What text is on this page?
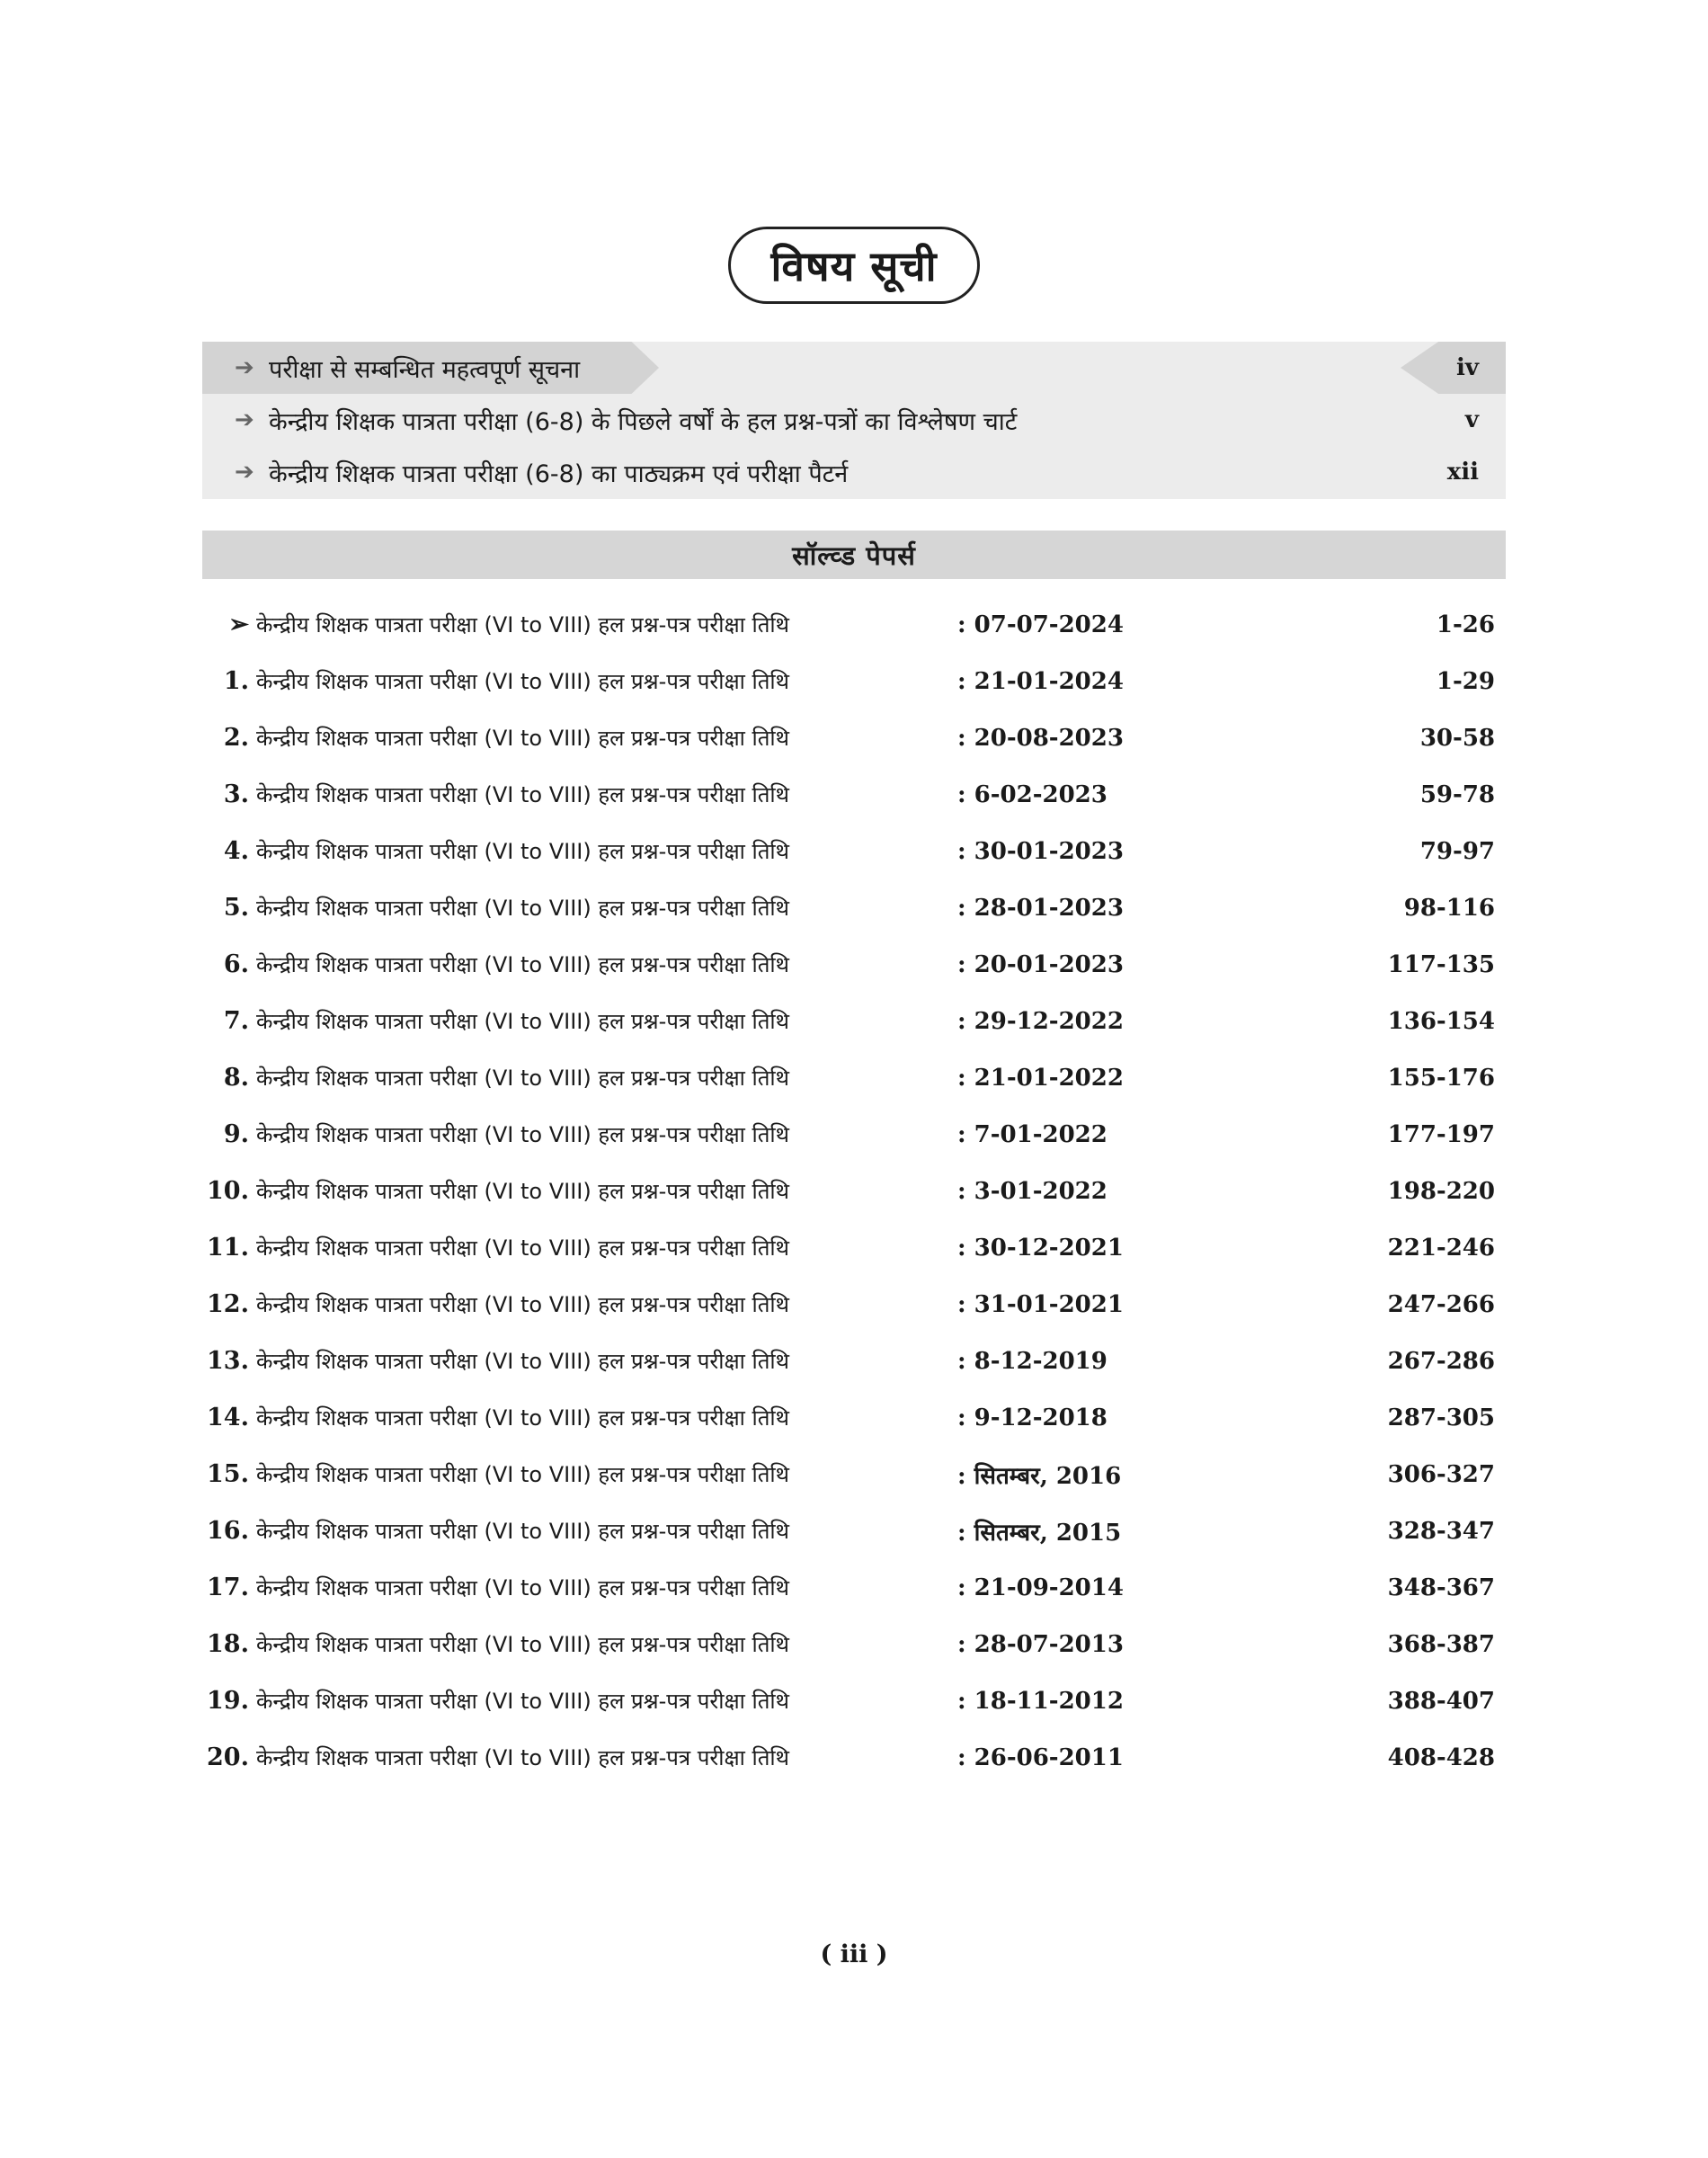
विषय सूची
➔ परीक्षा से सम्बन्धित महत्वपूर्ण सूचना	iv
➔ केन्द्रीय शिक्षक पात्रता परीक्षा (6-8) के पिछले वर्षों के हल प्रश्न-पत्रों का विश्लेषण चार्ट	v
➔ केन्द्रीय शिक्षक पात्रता परीक्षा (6-8) का पाठ्यक्रम एवं परीक्षा पैटर्न	xii
सॉल्व्ड पेपर्स
➢ केन्द्रीय शिक्षक पात्रता परीक्षा (VI to VIII) हल प्रश्न-पत्र परीक्षा तिथि	: 07-07-2024	1-26
1. केन्द्रीय शिक्षक पात्रता परीक्षा (VI to VIII) हल प्रश्न-पत्र परीक्षा तिथि	: 21-01-2024	1-29
2. केन्द्रीय शिक्षक पात्रता परीक्षा (VI to VIII) हल प्रश्न-पत्र परीक्षा तिथि	: 20-08-2023	30-58
3. केन्द्रीय शिक्षक पात्रता परीक्षा (VI to VIII) हल प्रश्न-पत्र परीक्षा तिथि	: 6-02-2023	59-78
4. केन्द्रीय शिक्षक पात्रता परीक्षा (VI to VIII) हल प्रश्न-पत्र परीक्षा तिथि	: 30-01-2023	79-97
5. केन्द्रीय शिक्षक पात्रता परीक्षा (VI to VIII) हल प्रश्न-पत्र परीक्षा तिथि	: 28-01-2023	98-116
6. केन्द्रीय शिक्षक पात्रता परीक्षा (VI to VIII) हल प्रश्न-पत्र परीक्षा तिथि	: 20-01-2023	117-135
7. केन्द्रीय शिक्षक पात्रता परीक्षा (VI to VIII) हल प्रश्न-पत्र परीक्षा तिथि	: 29-12-2022	136-154
8. केन्द्रीय शिक्षक पात्रता परीक्षा (VI to VIII) हल प्रश्न-पत्र परीक्षा तिथि	: 21-01-2022	155-176
9. केन्द्रीय शिक्षक पात्रता परीक्षा (VI to VIII) हल प्रश्न-पत्र परीक्षा तिथि	: 7-01-2022	177-197
10. केन्द्रीय शिक्षक पात्रता परीक्षा (VI to VIII) हल प्रश्न-पत्र परीक्षा तिथि	: 3-01-2022	198-220
11. केन्द्रीय शिक्षक पात्रता परीक्षा (VI to VIII) हल प्रश्न-पत्र परीक्षा तिथि	: 30-12-2021	221-246
12. केन्द्रीय शिक्षक पात्रता परीक्षा (VI to VIII) हल प्रश्न-पत्र परीक्षा तिथि	: 31-01-2021	247-266
13. केन्द्रीय शिक्षक पात्रता परीक्षा (VI to VIII) हल प्रश्न-पत्र परीक्षा तिथि	: 8-12-2019	267-286
14. केन्द्रीय शिक्षक पात्रता परीक्षा (VI to VIII) हल प्रश्न-पत्र परीक्षा तिथि	: 9-12-2018	287-305
15. केन्द्रीय शिक्षक पात्रता परीक्षा (VI to VIII) हल प्रश्न-पत्र परीक्षा तिथि	: सितम्बर, 2016	306-327
16. केन्द्रीय शिक्षक पात्रता परीक्षा (VI to VIII) हल प्रश्न-पत्र परीक्षा तिथि	: सितम्बर, 2015	328-347
17. केन्द्रीय शिक्षक पात्रता परीक्षा (VI to VIII) हल प्रश्न-पत्र परीक्षा तिथि	: 21-09-2014	348-367
18. केन्द्रीय शिक्षक पात्रता परीक्षा (VI to VIII) हल प्रश्न-पत्र परीक्षा तिथि	: 28-07-2013	368-387
19. केन्द्रीय शिक्षक पात्रता परीक्षा (VI to VIII) हल प्रश्न-पत्र परीक्षा तिथि	: 18-11-2012	388-407
20. केन्द्रीय शिक्षक पात्रता परीक्षा (VI to VIII) हल प्रश्न-पत्र परीक्षा तिथि	: 26-06-2011	408-428
( iii )
